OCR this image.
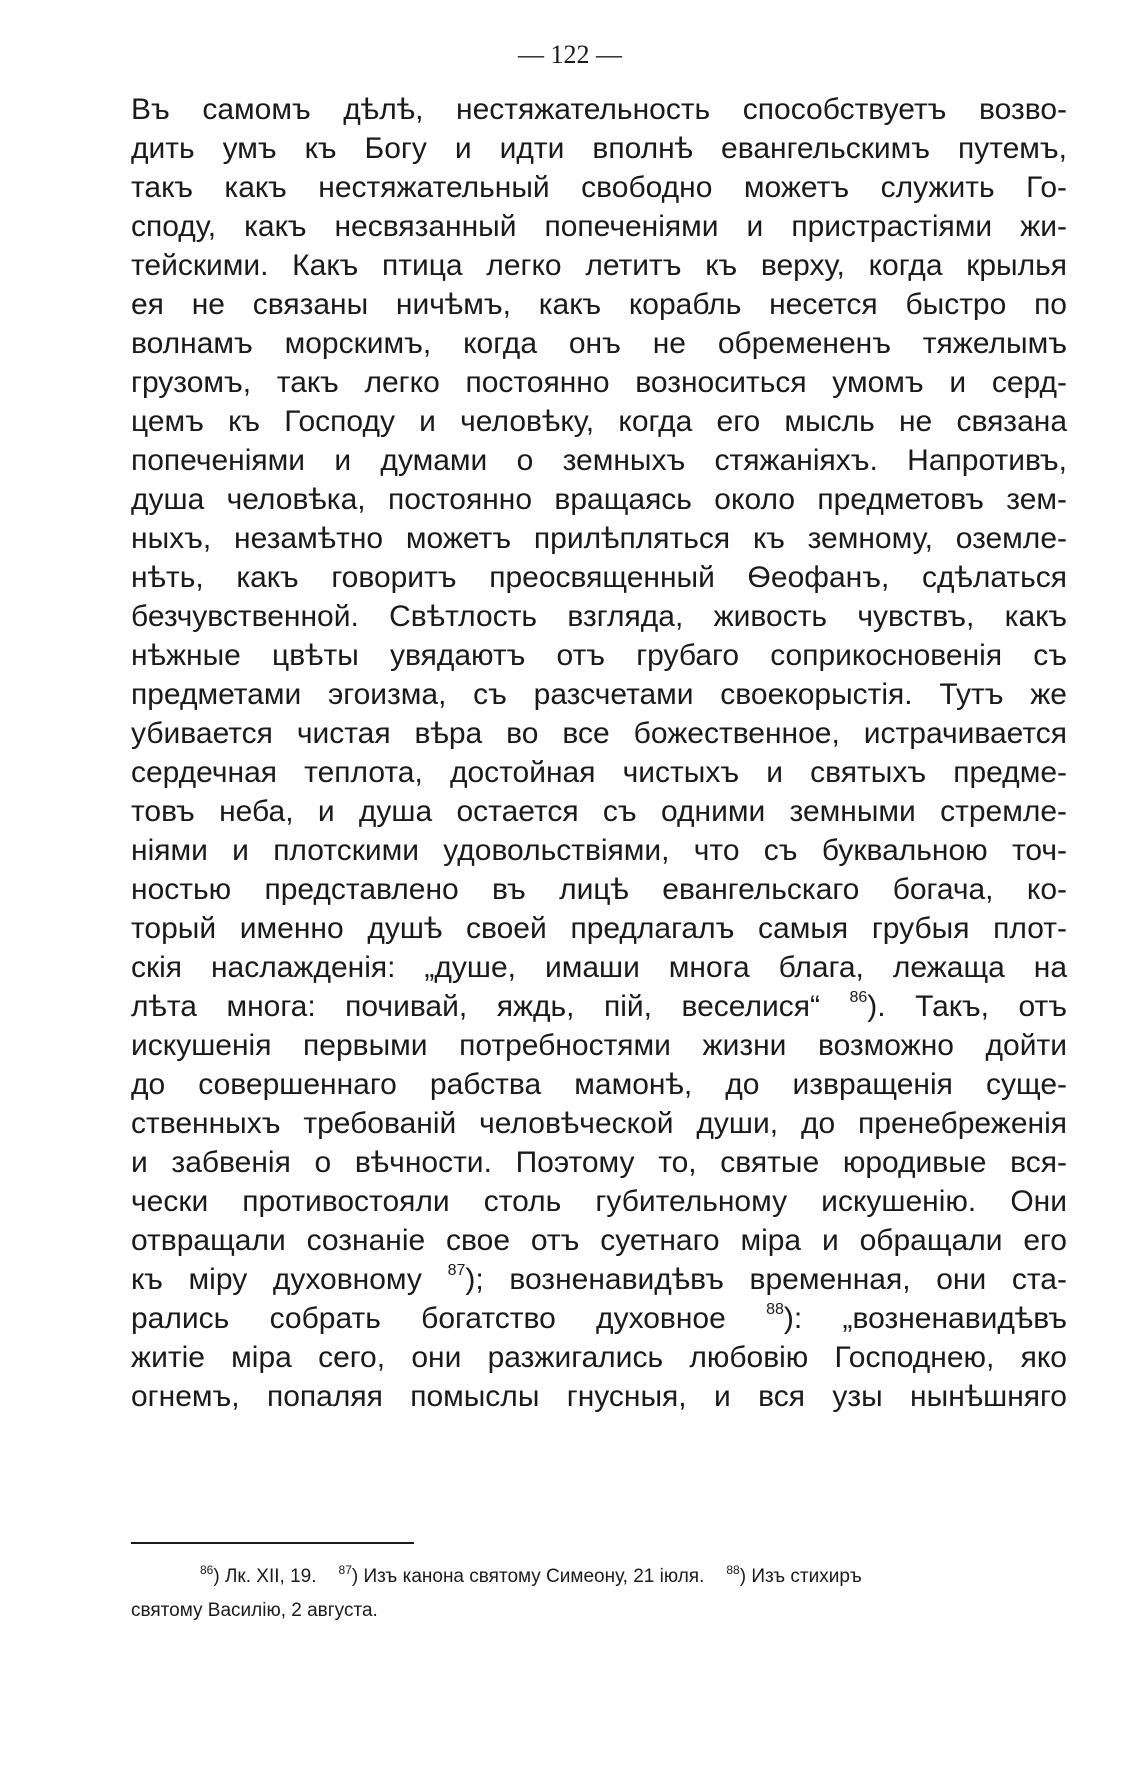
— 122 —
Въ самомъ дѣлѣ, нестяжательность способствуетъ возво-
дить умъ къ Богу и идти вполнѣ евангельскимъ путемъ,
такъ какъ нестяжательный свободно можетъ служить Го-
споду, какъ несвязанный попеченіями и пристрастіями жи-
тейскими. Какъ птица легко летитъ къ верху, когда крылья
ея не связаны ничѣмъ, какъ корабль несется быстро по
волнамъ морскимъ, когда онъ не обремененъ тяжелымъ
грузомъ, такъ легко постоянно возноситься умомъ и серд-
цемъ къ Господу и человѣку, когда его мысль не связана
попеченіями и думами о земныхъ стяжаніяхъ. Напротивъ,
душа человѣка, постоянно вращаясь около предметовъ зем-
ныхъ, незамѣтно можетъ прилѣпляться къ земному, оземле-
нѣть, какъ говоритъ преосвященный Ѳеофанъ, сдѣлаться
безчувственной. Свѣтлость взгляда, живость чувствъ, какъ
нѣжные цвѣты увядаютъ отъ грубаго соприкосновенія съ
предметами эгоизма, съ разсчетами своекорыстія. Тутъ же
убивается чистая вѣра во все божественное, истрачивается
сердечная теплота, достойная чистыхъ и святыхъ предме-
товъ неба, и душа остается съ одними земными стремле-
ніями и плотскими удовольствіями, что съ буквальною точ-
ностью представлено въ лицѣ евангельскаго богача, ко-
торый именно душѣ своей предлагалъ самыя грубыя плот-
скія наслажденія: „душе, имаши многа блага, лежаща на
лѣта многа: почивай, яждь, пій, веселися“ $^{86}$). Такъ, отъ
искушенія первыми потребностями жизни возможно дойти
до совершеннаго рабства мамонѣ, до извращенія суще-
ственныхъ требованій человѣческой души, до пренебреженія
и забвенія о вѣчности. Поэтому то, святые юродивые вся-
чески противостояли столь губительному искушенію. Они
отвращали сознаніе свое отъ суетнаго міра и обращали его
къ міру духовному $^{87}$); возненавидѣвъ временная, они ста-
рались собрать богатство духовное $^{88}$): „возненавидѣвъ
житіе міра сего, они разжигались любовію Господнею, яко
огнемъ, попаляя помыслы гнусныя, и вся узы нынѣшняго
$^{86}$) Лк. XII, 19. $^{87}$) Изъ канона святому Симеону, 21 іюля. $^{88}$) Изъ стихиръ
святому Василію, 2 августа.
